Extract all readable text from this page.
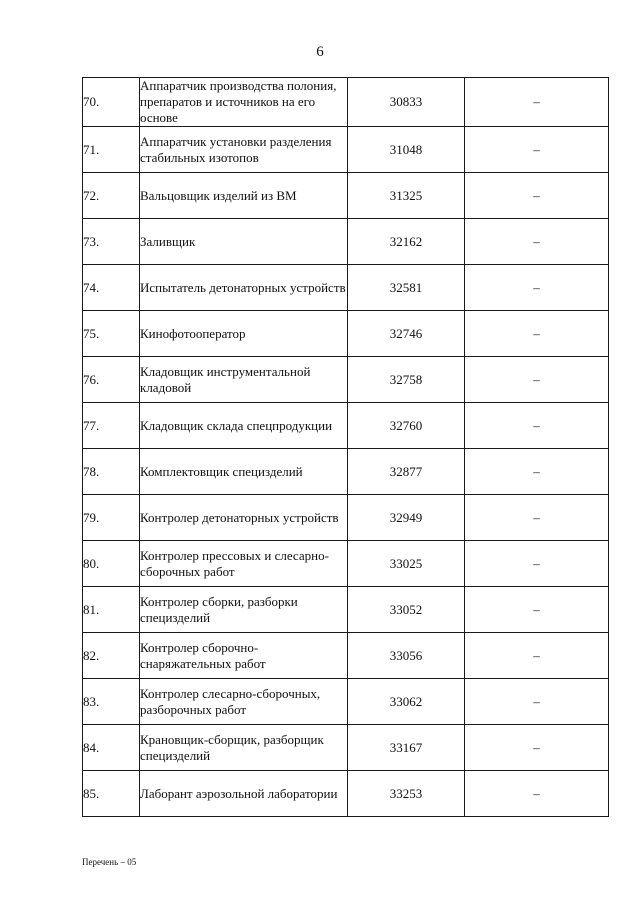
6
70.	Аппаратчик производства полония, препаратов и источников на его основе	30833	–
71.	Аппаратчик установки разделения стабильных изотопов	31048	–
72.	Вальцовщик изделий из ВМ	31325	–
73.	Заливщик	32162	–
74.	Испытатель детонаторных устройств	32581	–
75.	Кинофотооператор	32746	–
76.	Кладовщик инструментальной кладовой	32758	–
77.	Кладовщик склада спецпродукции	32760	–
78.	Комплектовщик специзделий	32877	–
79.	Контролер детонаторных устройств	32949	–
80.	Контролер прессовых и слесарно-сборочных работ	33025	–
81.	Контролер сборки, разборки специзделий	33052	–
82.	Контролер сборочно-снаряжательных работ	33056	–
83.	Контролер слесарно-сборочных, разборочных работ	33062	–
84.	Крановщик-сборщик, разборщик специзделий	33167	–
85.	Лаборант аэрозольной лаборатории	33253	–
Перечень – 05
